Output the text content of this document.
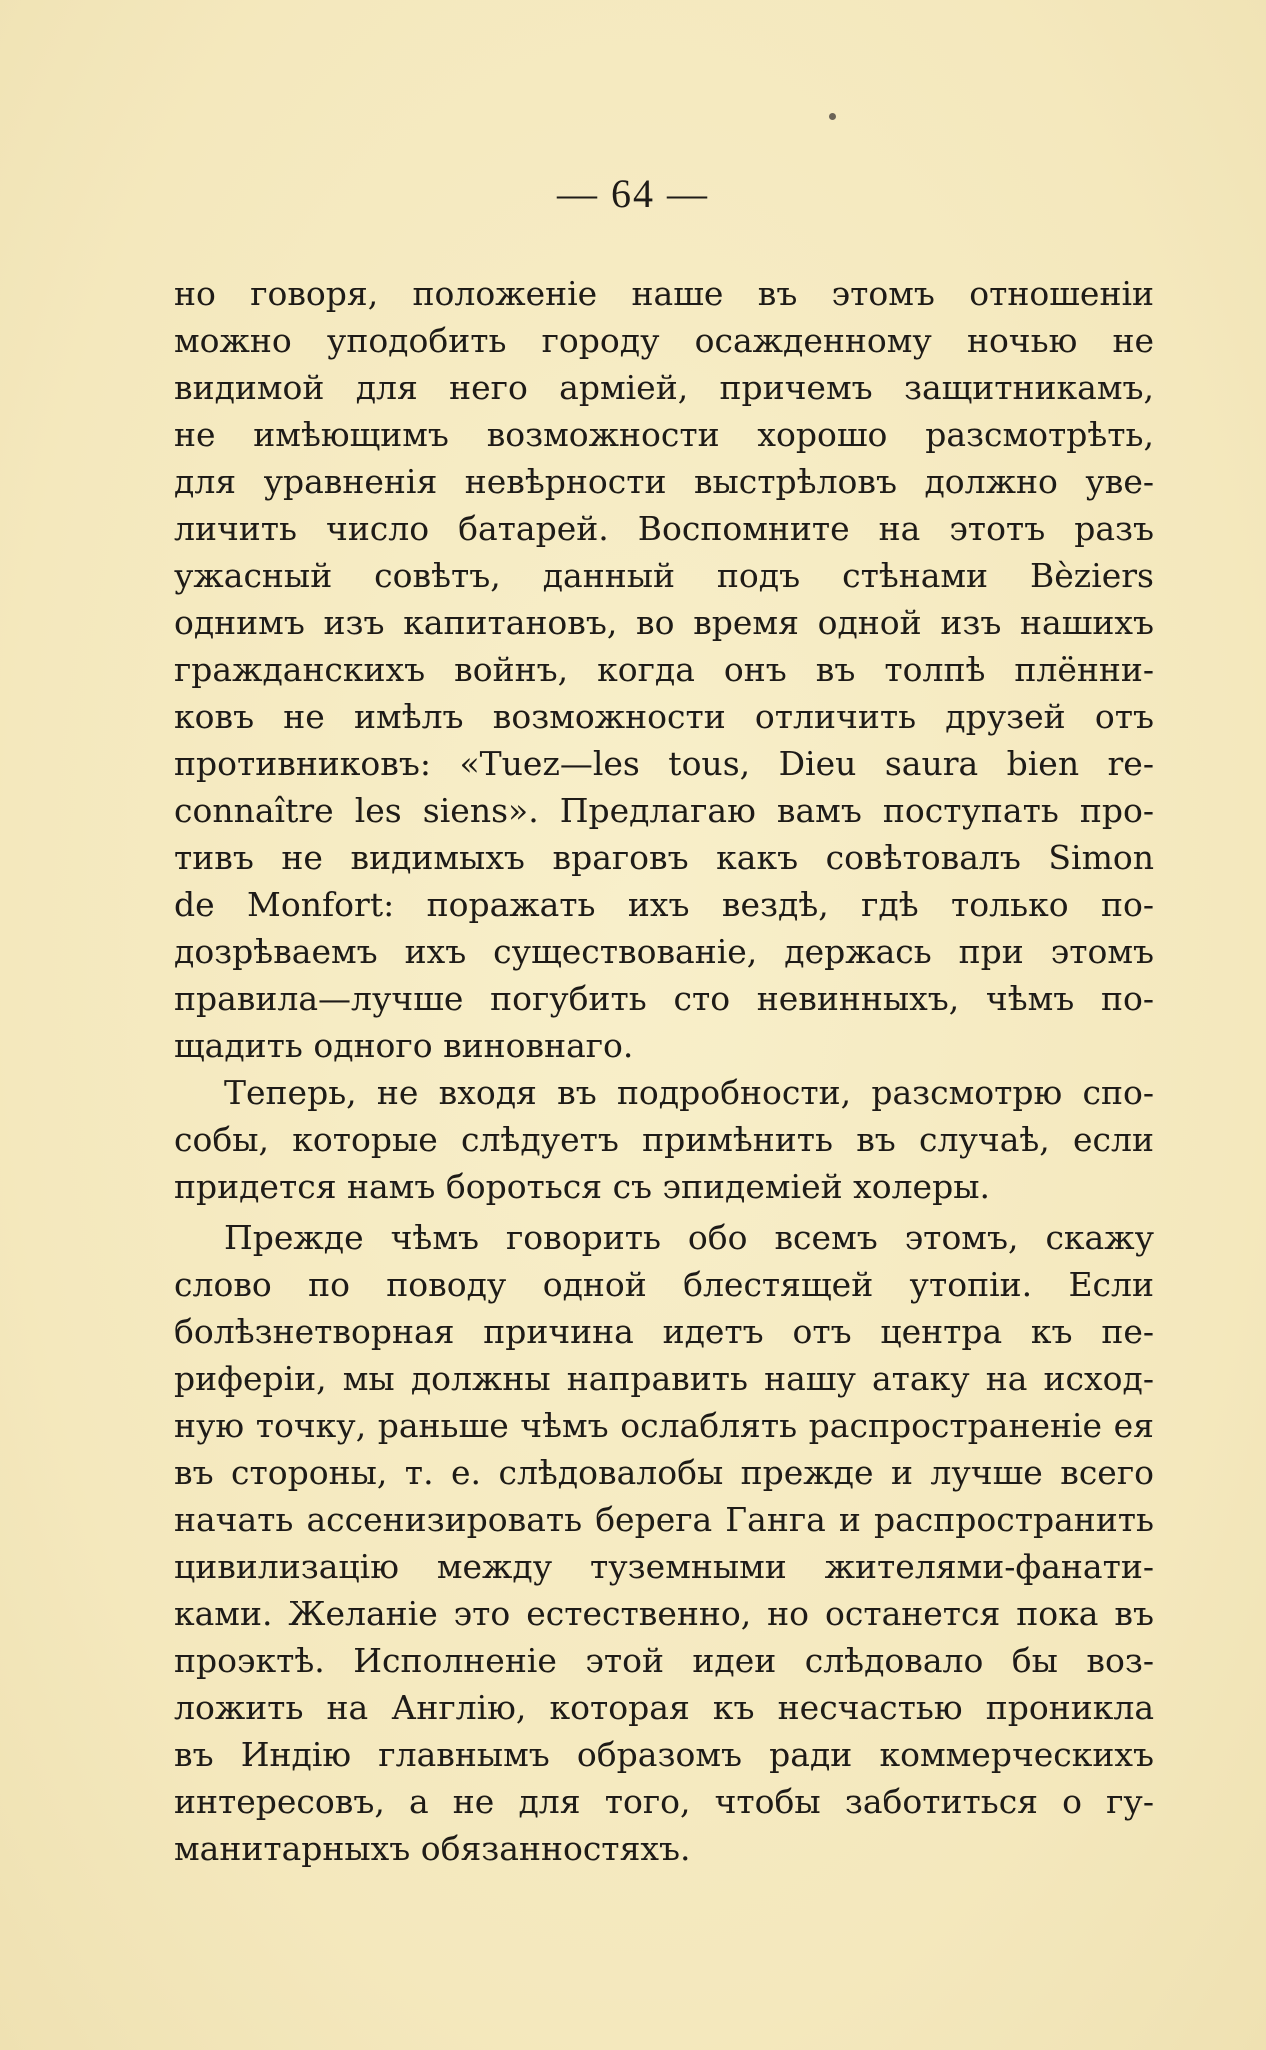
— 64 —
но говоря, положеніе наше въ этомъ отношеніи
можно уподобить городу осажденному ночью не
видимой для него арміей, причемъ защитникамъ,
не имѣющимъ возможности хорошо разсмотрѣть,
для уравненія невѣрности выстрѣловъ должно уве-
личить число батарей. Воспомните на этотъ разъ
ужасный совѣтъ, данный подъ стѣнами Bèziers
однимъ изъ капитановъ, во время одной изъ нашихъ
гражданскихъ войнъ, когда онъ въ толпѣ плённи-
ковъ не имѣлъ возможности отличить друзей отъ
противниковъ: «Tuez—les tous, Dieu saura bien re-
connaître les siens». Предлагаю вамъ поступать про-
тивъ не видимыхъ враговъ какъ совѣтовалъ Simon
de Monfort: поражать ихъ вездѣ, гдѣ только по-
дозрѣваемъ ихъ существованіе, держась при этомъ
правила—лучше погубить сто невинныхъ, чѣмъ по-
щадить одного виновнаго.
Теперь, не входя въ подробности, разсмотрю спо-
собы, которые слѣдуетъ примѣнить въ случаѣ, если
придется намъ бороться съ эпидеміей холеры.
Прежде чѣмъ говорить обо всемъ этомъ, скажу
слово по поводу одной блестящей утопіи. Если
болѣзнетворная причина идетъ отъ центра къ пе-
рифеpiи, мы должны направить нашу атаку на исход-
ную точку, раньше чѣмъ ослаблять распространеніе ея
въ стороны, т. е. слѣдовалобы прежде и лучше всего
начать ассенизировать берега Ганга и распространить
цивилизацію между туземными жителями-фанати-
ками. Желаніе это естественно, но останется пока въ
проэктѣ. Исполненіе этой идеи слѣдовало бы воз-
ложить на Англію, которая къ несчастью проникла
въ Индію главнымъ образомъ ради коммерческихъ
интересовъ, а не для того, чтобы заботиться о гу-
манитарныхъ обязанностяхъ.
